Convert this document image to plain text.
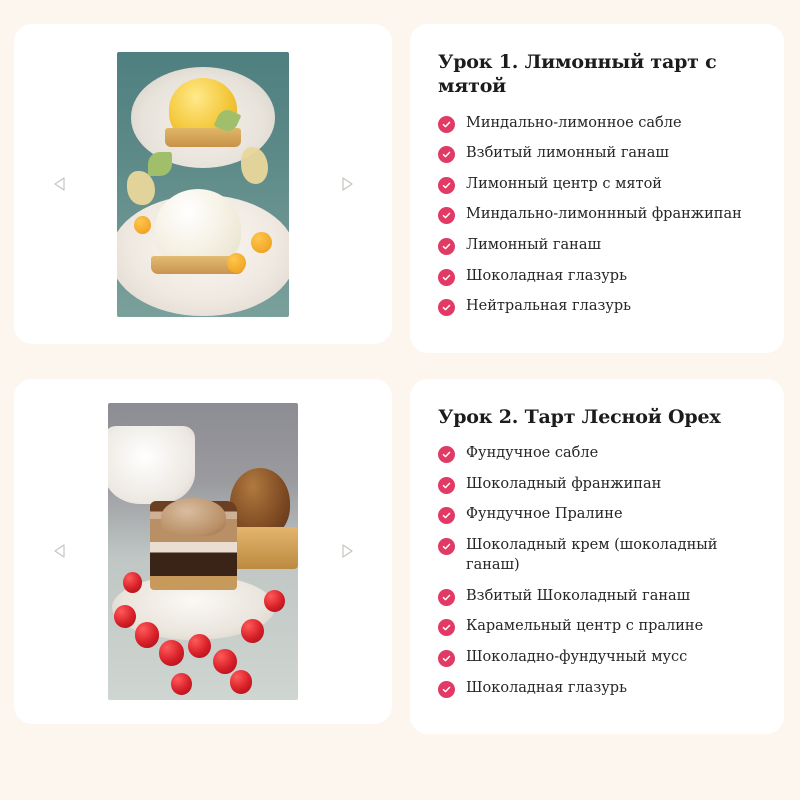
Урок 1. Лимонный тарт с мятой
Миндально-лимонное сабле
Взбитый лимонный ганаш
Лимонный центр с мятой
Миндально-лимоннный франжипан
Лимонный ганаш
Шоколадная глазурь
Нейтральная глазурь
Урок 2. Тарт Лесной Орех
Фундучное сабле
Шоколадный франжипан
Фундучное Пралине
Шоколадный крем (шоколадный ганаш)
Взбитый Шоколадный ганаш
Карамельный центр с пралине
Шоколадно-фундучный мусс
Шоколадная глазурь
